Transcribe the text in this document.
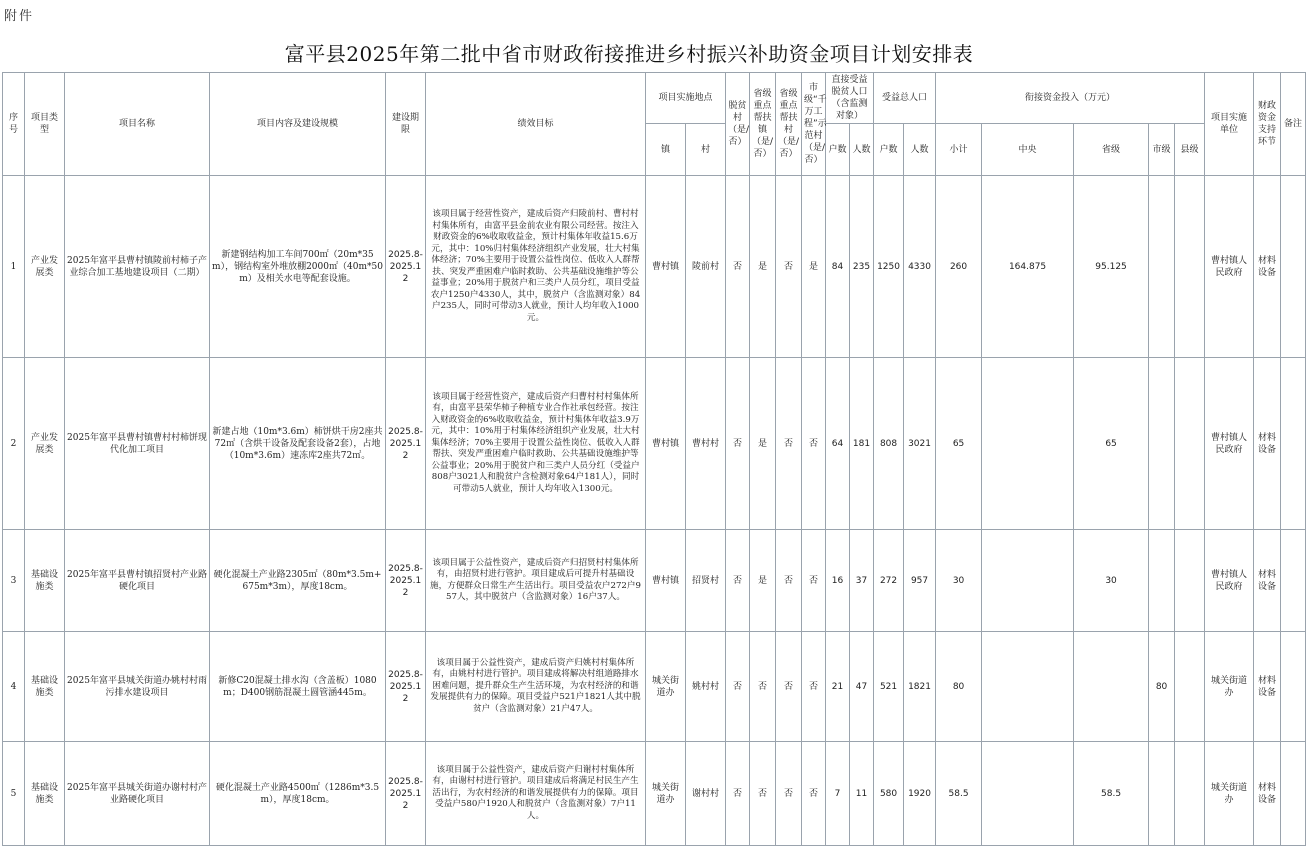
附件
富平县2025年第二批中省市财政衔接推进乡村振兴补助资金项目计划安排表
序号	项目类型	项目名称	项目内容及建设规模	建设期限	绩效目标	项目实施地点		脱贫村（是/否）	省级重点帮扶镇（是/否）	省级重点帮扶村（是/否）	市级“千万工程”示范村（是/否）	直接受益脱贫人口（含监测对象）		受益总人口		衔接资金投入（万元）					项目实施单位	财政资金支持环节	备注
						镇	村					户数	人数	户数	人数	小计	中央	省级	市级	县级			
1	产业发展类	2025年富平县曹村镇陵前村柿子产业综合加工基地建设项目（二期）	新建钢结构加工车间700㎡（20m*35m），钢结构室外堆放棚2000㎡（40m*50m）及相关水电等配套设施。	2025.8-2025.12	该项目属于经营性资产，建成后资产归陵前村、曹村村村集体所有，由富平县金前农业有限公司经营。按注入财政资金的6%收取收益金，预计村集体年收益15.6万元，其中：10%归村集体经济组织产业发展，壮大村集体经济；70%主要用于设置公益性岗位、低收入人群帮扶、突发严重困难户临时救助、公共基础设施维护等公益事业；20%用于脱贫户和三类户人员分红，项目受益农户1250户4330人，其中，脱贫户（含监测对象）84户235人，同时可带动3人就业，预计人均年收入1000元。	曹村镇	陵前村	否	是	否	是	84	235	1250	4330	260	164.875	95.125			曹村镇人民政府	材料设备	
2	产业发展类	2025年富平县曹村镇曹村村柿饼现代化加工项目	新建占地（10m*3.6m）柿饼烘干房2座共72㎡（含烘干设备及配套设备2套），占地（10m*3.6m）速冻库2座共72㎡。	2025.8-2025.12	该项目属于经营性资产，建成后资产归曹村村村集体所有，由富平县荣华柿子种植专业合作社承包经营。按注入财政资金的6%收取收益金，预计村集体年收益3.9万元，其中：10%用于村集体经济组织产业发展，壮大村集体经济；70%主要用于设置公益性岗位、低收入人群帮扶、突发严重困难户临时救助、公共基础设施维护等公益事业；20%用于脱贫户和三类户人员分红（受益户808户3021人和脱贫户含检测对象64户181人），同时可带动5人就业，预计人均年收入1300元。	曹村镇	曹村村	否	是	否	否	64	181	808	3021	65		65			曹村镇人民政府	材料设备	
3	基础设施类	2025年富平县曹村镇招贤村产业路硬化项目	硬化混凝土产业路2305㎡（80m*3.5m+675m*3m），厚度18cm。	2025.8-2025.12	该项目属于公益性资产，建成后资产归招贤村村集体所有，由招贤村进行管护。项目建成后可提升村基础设施，方便群众日常生产生活出行。项目受益农户272户957人，其中脱贫户（含监测对象）16户37人。	曹村镇	招贤村	否	是	否	否	16	37	272	957	30		30			曹村镇人民政府	材料设备	
4	基础设施类	2025年富平县城关街道办姚村村雨污排水建设项目	新修C20混凝土排水沟（含盖板）1080m；D400钢筋混凝土圆管涵445m。	2025.8-2025.12	该项目属于公益性资产，建成后资产归姚村村集体所有，由姚村村进行管护。项目建成将解决村组道路排水困难问题，提升群众生产生活环境，为农村经济的和谐发展提供有力的保障。项目受益户521户1821人其中脱贫户（含监测对象）21户47人。	城关街道办	姚村村	否	否	否	否	21	47	521	1821	80			80		城关街道办	材料设备	
5	基础设施类	2025年富平县城关街道办谢村村产业路硬化项目	硬化混凝土产业路4500㎡（1286m*3.5m），厚度18cm。	2025.8-2025.12	该项目属于公益性资产，建成后资产归谢村村集体所有，由谢村村进行管护。项目建成后将满足村民生产生活出行，为农村经济的和谐发展提供有力的保障。项目受益户580户1920人和脱贫户（含监测对象）7户11人。	城关街道办	谢村村	否	否	否	否	7	11	580	1920	58.5		58.5			城关街道办	材料设备	
